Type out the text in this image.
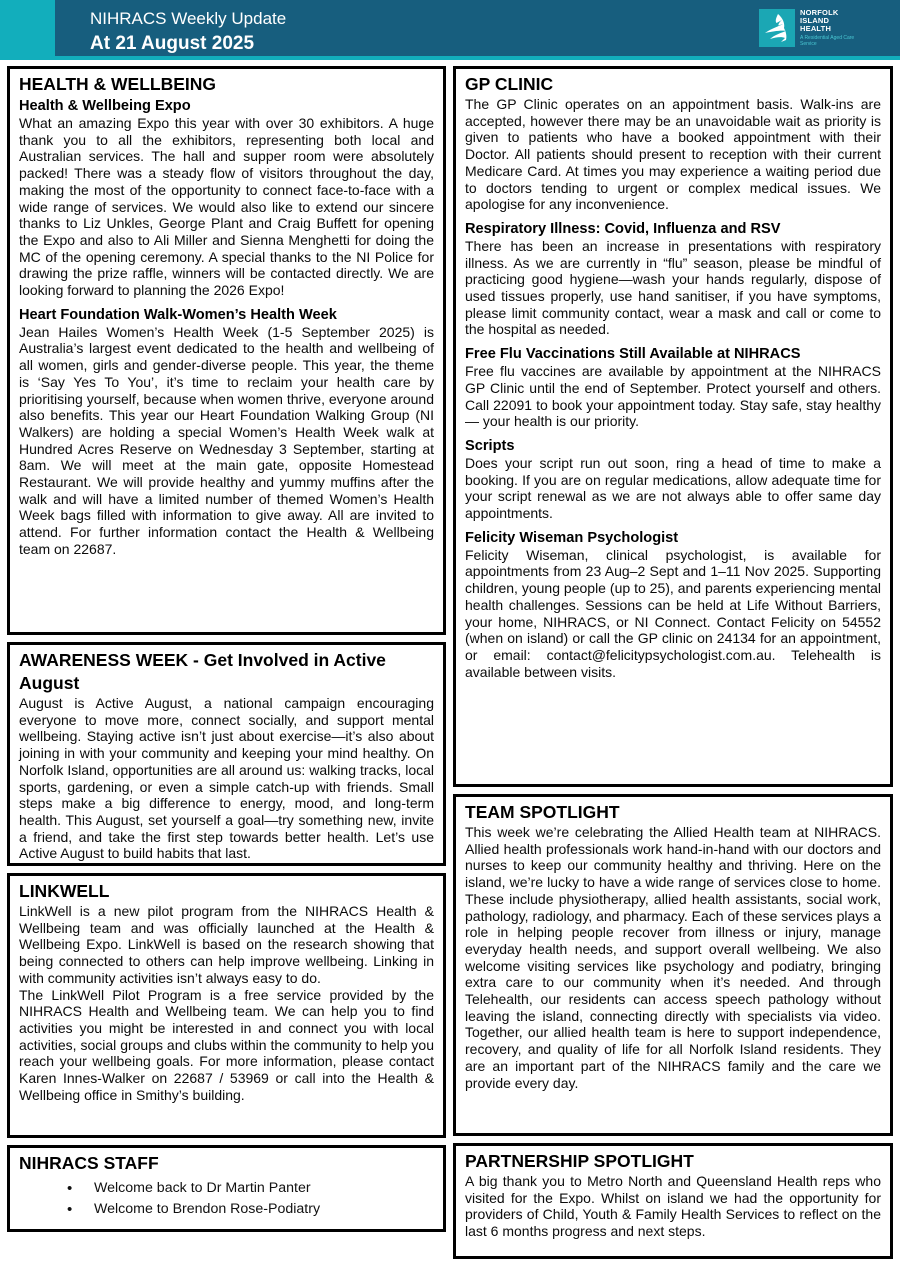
NIHRACS Weekly Update
At 21 August 2025
NORFOLK
ISLAND
HEALTH
A Residential Aged Care Service
HEALTH & WELLBEING
Health & Wellbeing Expo
What an amazing Expo this year with over 30 exhibitors. A huge thank you to all the exhibitors, representing both local and Australian services. The hall and supper room were absolutely packed! There was a steady flow of visitors throughout the day, making the most of the opportunity to connect face-to-face with a wide range of services. We would also like to extend our sincere thanks to Liz Unkles, George Plant and Craig Buffett for opening the Expo and also to Ali Miller and Sienna Menghetti for doing the MC of the opening ceremony. A special thanks to the NI Police for drawing the prize raffle, winners will be contacted directly. We are looking forward to planning the 2026 Expo!
Heart Foundation Walk-Women’s Health Week
Jean Hailes Women’s Health Week (1-5 September 2025) is Australia’s largest event dedicated to the health and wellbeing of all women, girls and gender-diverse people. This year, the theme is ‘Say Yes To You’, it’s time to reclaim your health care by prioritising yourself, because when women thrive, everyone around also benefits. This year our Heart Foundation Walking Group (NI Walkers) are holding a special Women’s Health Week walk at Hundred Acres Reserve on Wednesday 3 September, starting at 8am. We will meet at the main gate, opposite Homestead Restaurant. We will provide healthy and yummy muffins after the walk and will have a limited number of themed Women’s Health Week bags filled with information to give away. All are invited to attend. For further information contact the Health & Wellbeing team on 22687.
AWARENESS WEEK - Get Involved in Active August
August is Active August, a national campaign encouraging everyone to move more, connect socially, and support mental wellbeing. Staying active isn’t just about exercise—it’s also about joining in with your community and keeping your mind healthy. On Norfolk Island, opportunities are all around us: walking tracks, local sports, gardening, or even a simple catch-up with friends. Small steps make a big difference to energy, mood, and long-term health. This August, set yourself a goal—try something new, invite a friend, and take the first step towards better health. Let’s use Active August to build habits that last.
LINKWELL
LinkWell is a new pilot program from the NIHRACS Health & Wellbeing team and was officially launched at the Health & Wellbeing Expo. LinkWell is based on the research showing that being connected to others can help improve wellbeing. Linking in with community activities isn’t always easy to do.
The LinkWell Pilot Program is a free service provided by the NIHRACS Health and Wellbeing team. We can help you to find activities you might be interested in and connect you with local activities, social groups and clubs within the community to help you reach your wellbeing goals. For more information, please contact Karen Innes-Walker on 22687 / 53969 or call into the Health & Wellbeing office in Smithy’s building.
NIHRACS STAFF
• Welcome back to Dr Martin Panter
• Welcome to Brendon Rose-Podiatry
GP CLINIC
The GP Clinic operates on an appointment basis. Walk-ins are accepted, however there may be an unavoidable wait as priority is given to patients who have a booked appointment with their Doctor. All patients should present to reception with their current Medicare Card. At times you may experience a waiting period due to doctors tending to urgent or complex medical issues. We apologise for any inconvenience.
Respiratory Illness: Covid, Influenza and RSV
There has been an increase in presentations with respiratory illness. As we are currently in “flu” season, please be mindful of practicing good hygiene—wash your hands regularly, dispose of used tissues properly, use hand sanitiser, if you have symptoms, please limit community contact, wear a mask and call or come to the hospital as needed.
Free Flu Vaccinations Still Available at NIHRACS
Free flu vaccines are available by appointment at the NIHRACS GP Clinic until the end of September. Protect yourself and others. Call 22091 to book your appointment today. Stay safe, stay healthy — your health is our priority.
Scripts
Does your script run out soon, ring a head of time to make a booking. If you are on regular medications, allow adequate time for your script renewal as we are not always able to offer same day appointments.
Felicity Wiseman Psychologist
Felicity Wiseman, clinical psychologist, is available for appointments from 23 Aug–2 Sept and 1–11 Nov 2025. Supporting children, young people (up to 25), and parents experiencing mental health challenges. Sessions can be held at Life Without Barriers, your home, NIHRACS, or NI Connect. Contact Felicity on 54552 (when on island) or call the GP clinic on 24134 for an appointment, or email: contact@felicitypsychologist.com.au. Telehealth is available between visits.
TEAM SPOTLIGHT
This week we’re celebrating the Allied Health team at NIHRACS. Allied health professionals work hand-in-hand with our doctors and nurses to keep our community healthy and thriving. Here on the island, we’re lucky to have a wide range of services close to home. These include physiotherapy, allied health assistants, social work, pathology, radiology, and pharmacy. Each of these services plays a role in helping people recover from illness or injury, manage everyday health needs, and support overall wellbeing. We also welcome visiting services like psychology and podiatry, bringing extra care to our community when it’s needed. And through Telehealth, our residents can access speech pathology without leaving the island, connecting directly with specialists via video. Together, our allied health team is here to support independence, recovery, and quality of life for all Norfolk Island residents. They are an important part of the NIHRACS family and the care we provide every day.
PARTNERSHIP SPOTLIGHT
A big thank you to Metro North and Queensland Health reps who visited for the Expo. Whilst on island we had the opportunity for providers of Child, Youth & Family Health Services to reflect on the last 6 months progress and next steps.
